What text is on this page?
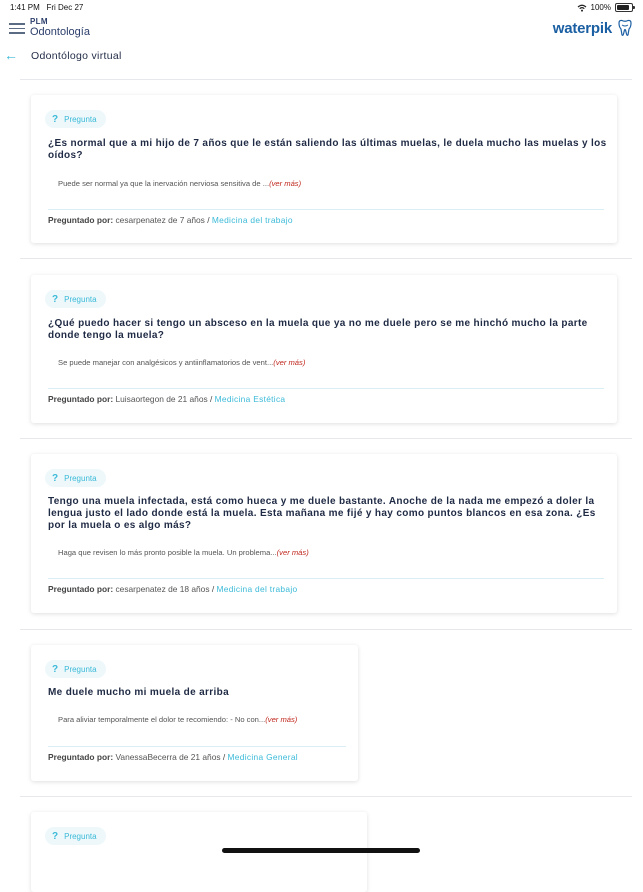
1:41 PM Fri Dec 27	100%
PLM
Odontología	waterpik
← Odontólogo virtual
? Pregunta
¿Es normal que a mi hijo de 7 años que le están saliendo las últimas muelas, le duela mucho las muelas y los oídos?
Puede ser normal ya que la inervación nerviosa sensitiva de ...(ver más)
Preguntado por: cesarpenatez de 7 años / Medicina del trabajo
? Pregunta
¿Qué puedo hacer si tengo un absceso en la muela que ya no me duele pero se me hinchó mucho la parte donde tengo la muela?
Se puede manejar con analgésicos y antiinflamatorios de vent...(ver más)
Preguntado por: Luisaortegon de 21 años / Medicina Estética
? Pregunta
Tengo una muela infectada, está como hueca y me duele bastante. Anoche de la nada me empezó a doler la lengua justo el lado donde está la muela. Esta mañana me fijé y hay como puntos blancos en esa zona. ¿Es por la muela o es algo más?
Haga que revisen lo más pronto posible la muela. Un problema...(ver más)
Preguntado por: cesarpenatez de 18 años / Medicina del trabajo
? Pregunta
Me duele mucho mi muela de arriba
Para aliviar temporalmente el dolor te recomiendo: - No con...(ver más)
Preguntado por: VanessaBecerra de 21 años / Medicina General
? Pregunta
